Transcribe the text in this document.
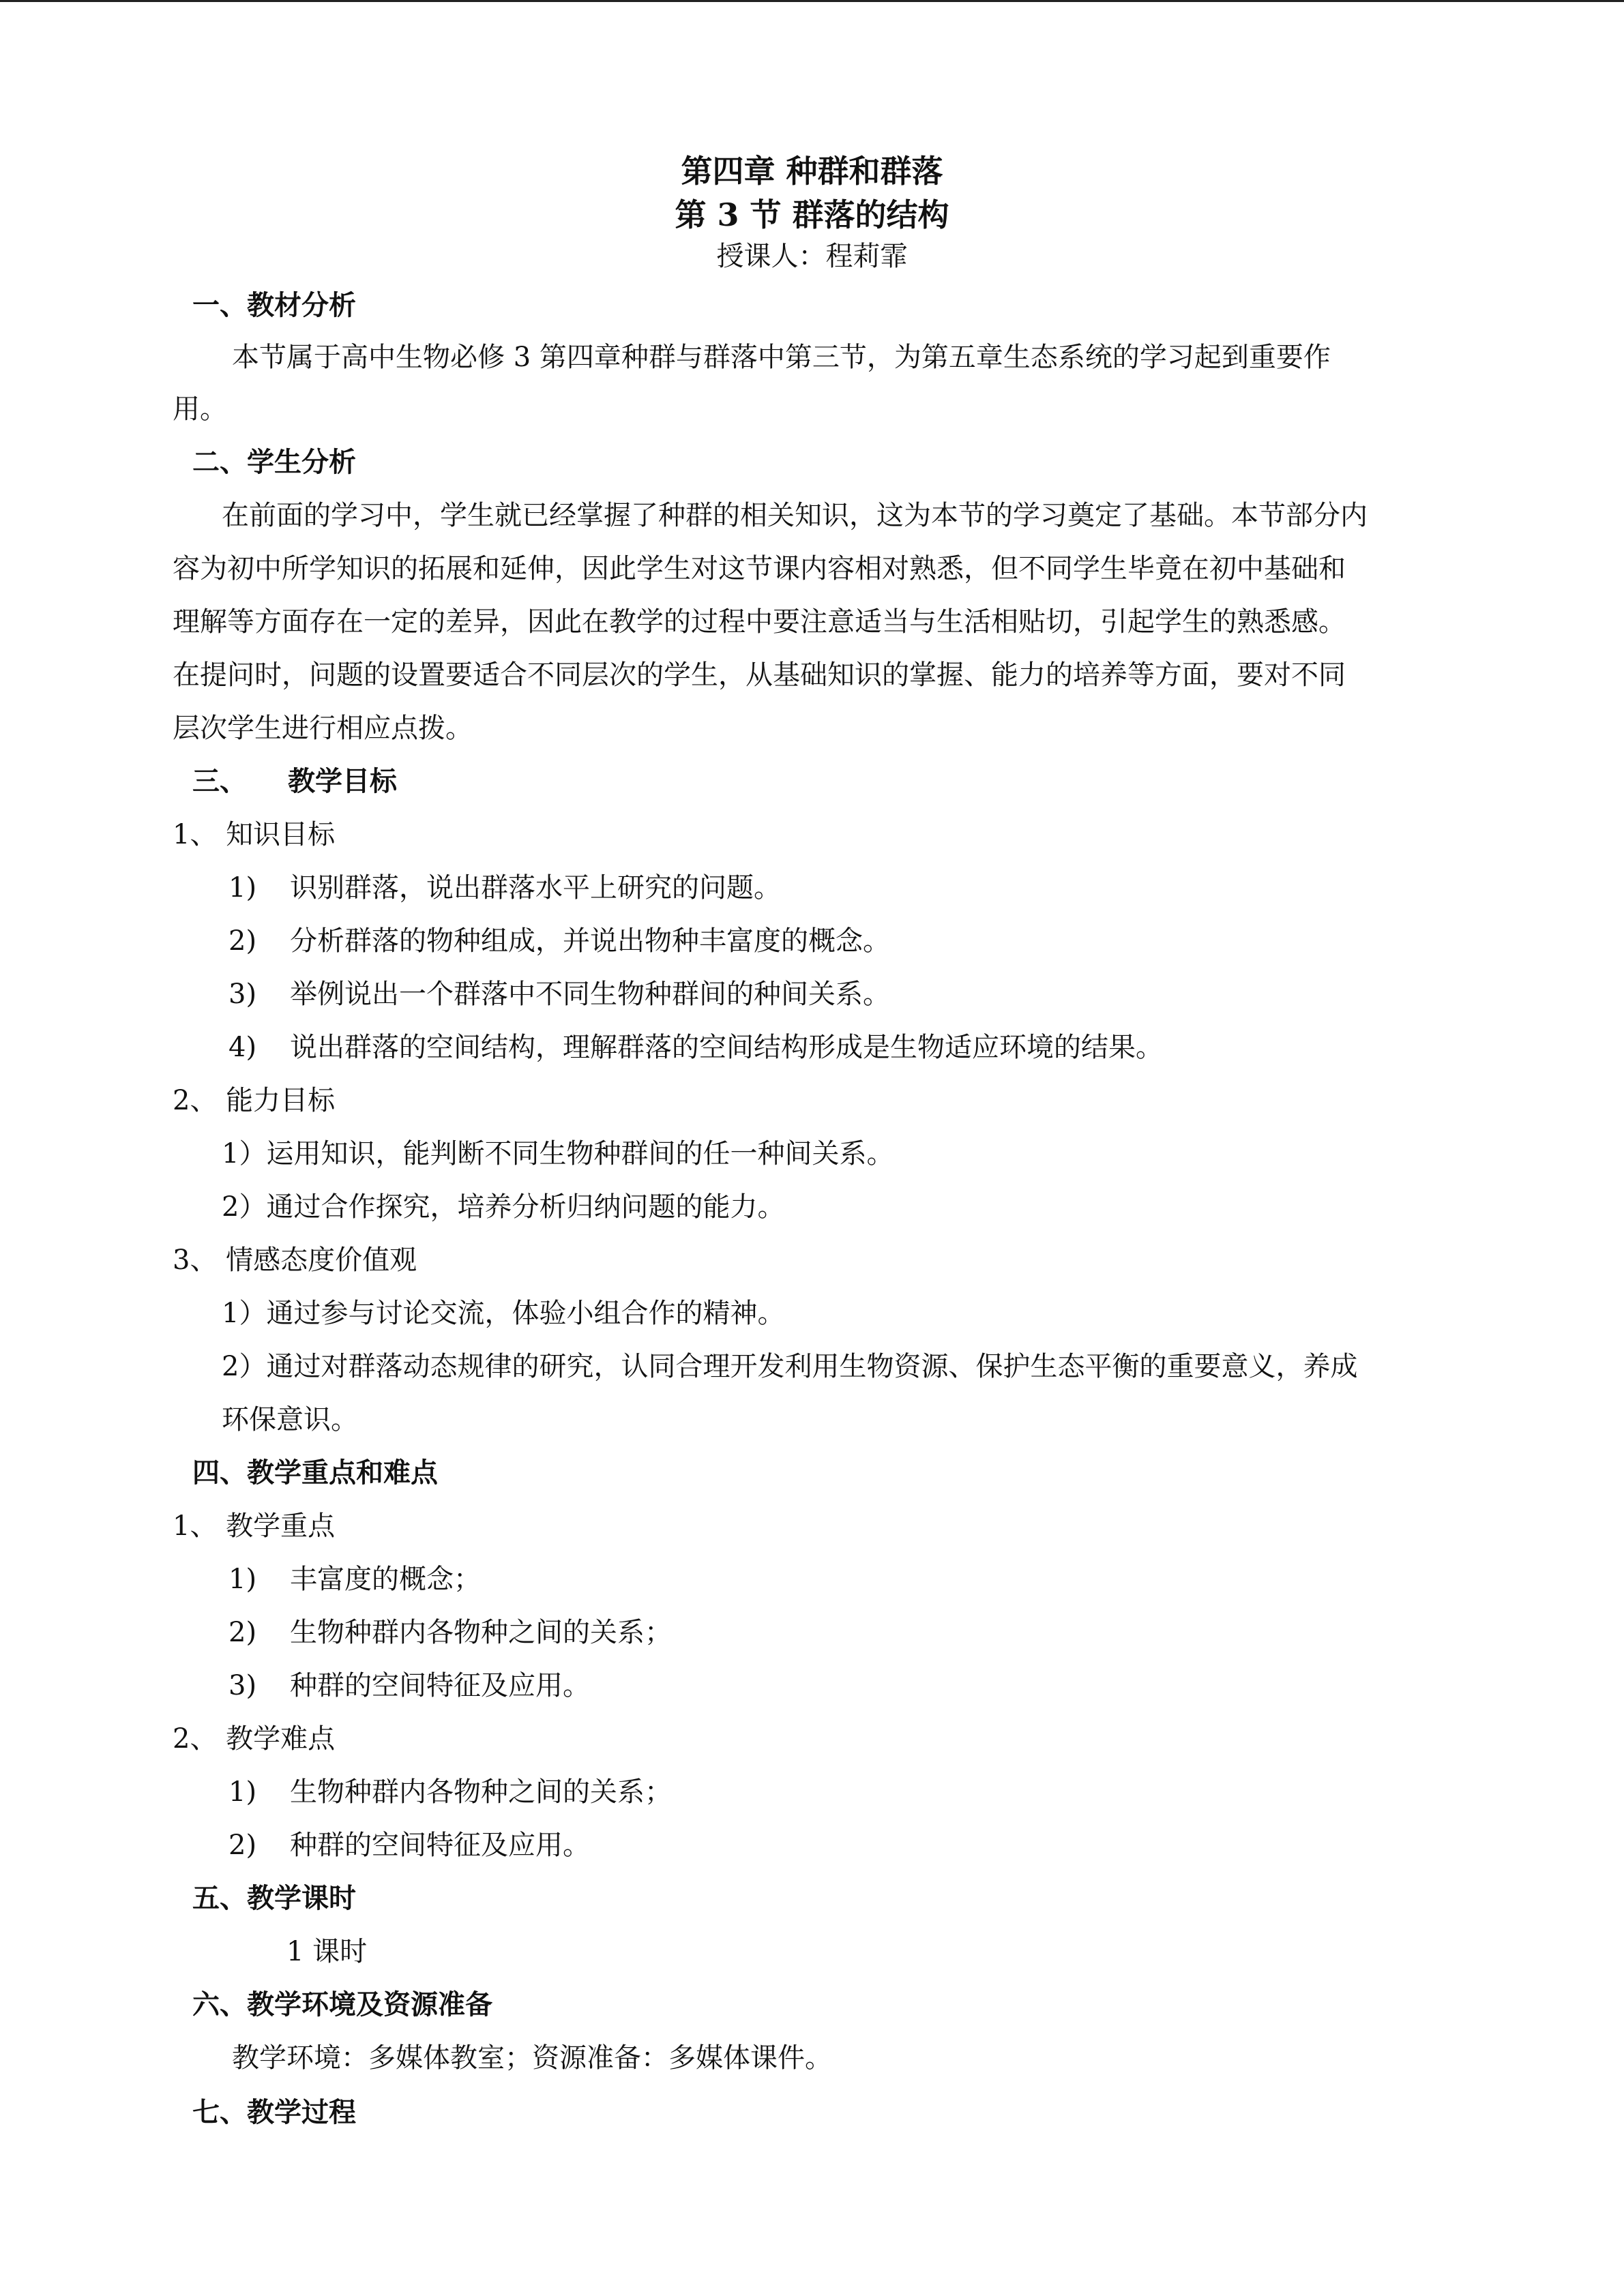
第四章 种群和群落
第 3 节 群落的结构
授课人：程莉霏
一、教材分析
本节属于高中生物必修 3 第四章种群与群落中第三节，为第五章生态系统的学习起到重要作
用。
二、学生分析
在前面的学习中，学生就已经掌握了种群的相关知识，这为本节的学习奠定了基础。本节部分内
容为初中所学知识的拓展和延伸，因此学生对这节课内容相对熟悉，但不同学生毕竟在初中基础和
理解等方面存在一定的差异，因此在教学的过程中要注意适当与生活相贴切，引起学生的熟悉感。
在提问时，问题的设置要适合不同层次的学生，从基础知识的掌握、能力的培养等方面，要对不同
层次学生进行相应点拨。
三、 教学目标
1、 知识目标
1) 识别群落，说出群落水平上研究的问题。
2) 分析群落的物种组成，并说出物种丰富度的概念。
3) 举例说出一个群落中不同生物种群间的种间关系。
4) 说出群落的空间结构，理解群落的空间结构形成是生物适应环境的结果。
2、 能力目标
1）运用知识，能判断不同生物种群间的任一种间关系。
2）通过合作探究，培养分析归纳问题的能力。
3、 情感态度价值观
1）通过参与讨论交流，体验小组合作的精神。
2）通过对群落动态规律的研究，认同合理开发利用生物资源、保护生态平衡的重要意义，养成
环保意识。
四、教学重点和难点
1、 教学重点
1) 丰富度的概念；
2) 生物种群内各物种之间的关系；
3) 种群的空间特征及应用。
2、 教学难点
1) 生物种群内各物种之间的关系；
2) 种群的空间特征及应用。
五、教学课时
1 课时
六、教学环境及资源准备
教学环境：多媒体教室；资源准备：多媒体课件。
七、教学过程
